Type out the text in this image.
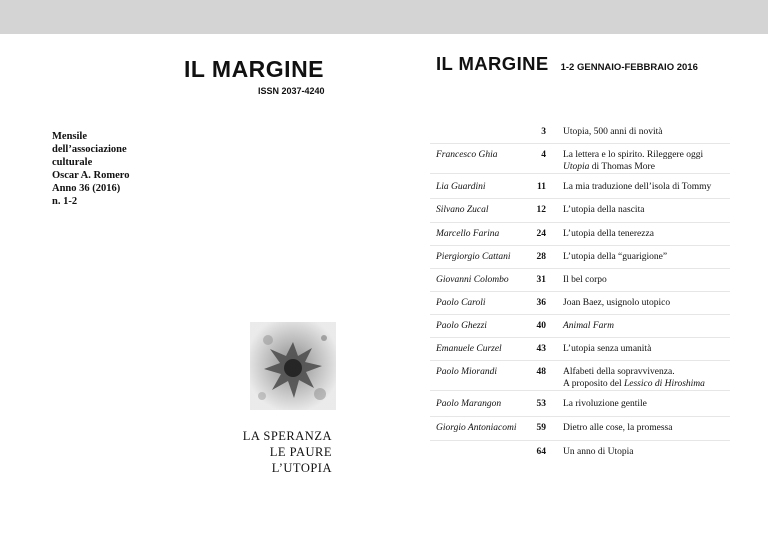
IL MARGINE
ISSN 2037-4240
Mensile
dell’associazione
culturale
Oscar A. Romero
Anno 36 (2016)
n. 1-2
LA SPERANZA
LE PAURE
L’UTOPIA
IL MARGINE 1-2 GENNAIO-FEBBRAIO 2016
3 Utopia, 500 anni di novità
Francesco Ghia	4 La lettera e lo spirito. Rileggere oggi
Utopia di Thomas More
Lia Guardini	11 La mia traduzione dell’isola di Tommy
Silvano Zucal	12 L’utopia della nascita
Marcello Farina	24 L’utopia della tenerezza
Piergiorgio Cattani	28 L’utopia della “guarigione”
Giovanni Colombo	31 Il bel corpo
Paolo Caroli	36 Joan Baez, usignolo utopico
Paolo Ghezzi	40 Animal Farm
Emanuele Curzel	43 L’utopia senza umanità
Paolo Miorandi	48 Alfabeti della sopravvivenza.
A proposito del Lessico di Hiroshima
Paolo Marangon	53 La rivoluzione gentile
Giorgio Antoniacomi	59 Dietro alle cose, la promessa
64 Un anno di Utopia
